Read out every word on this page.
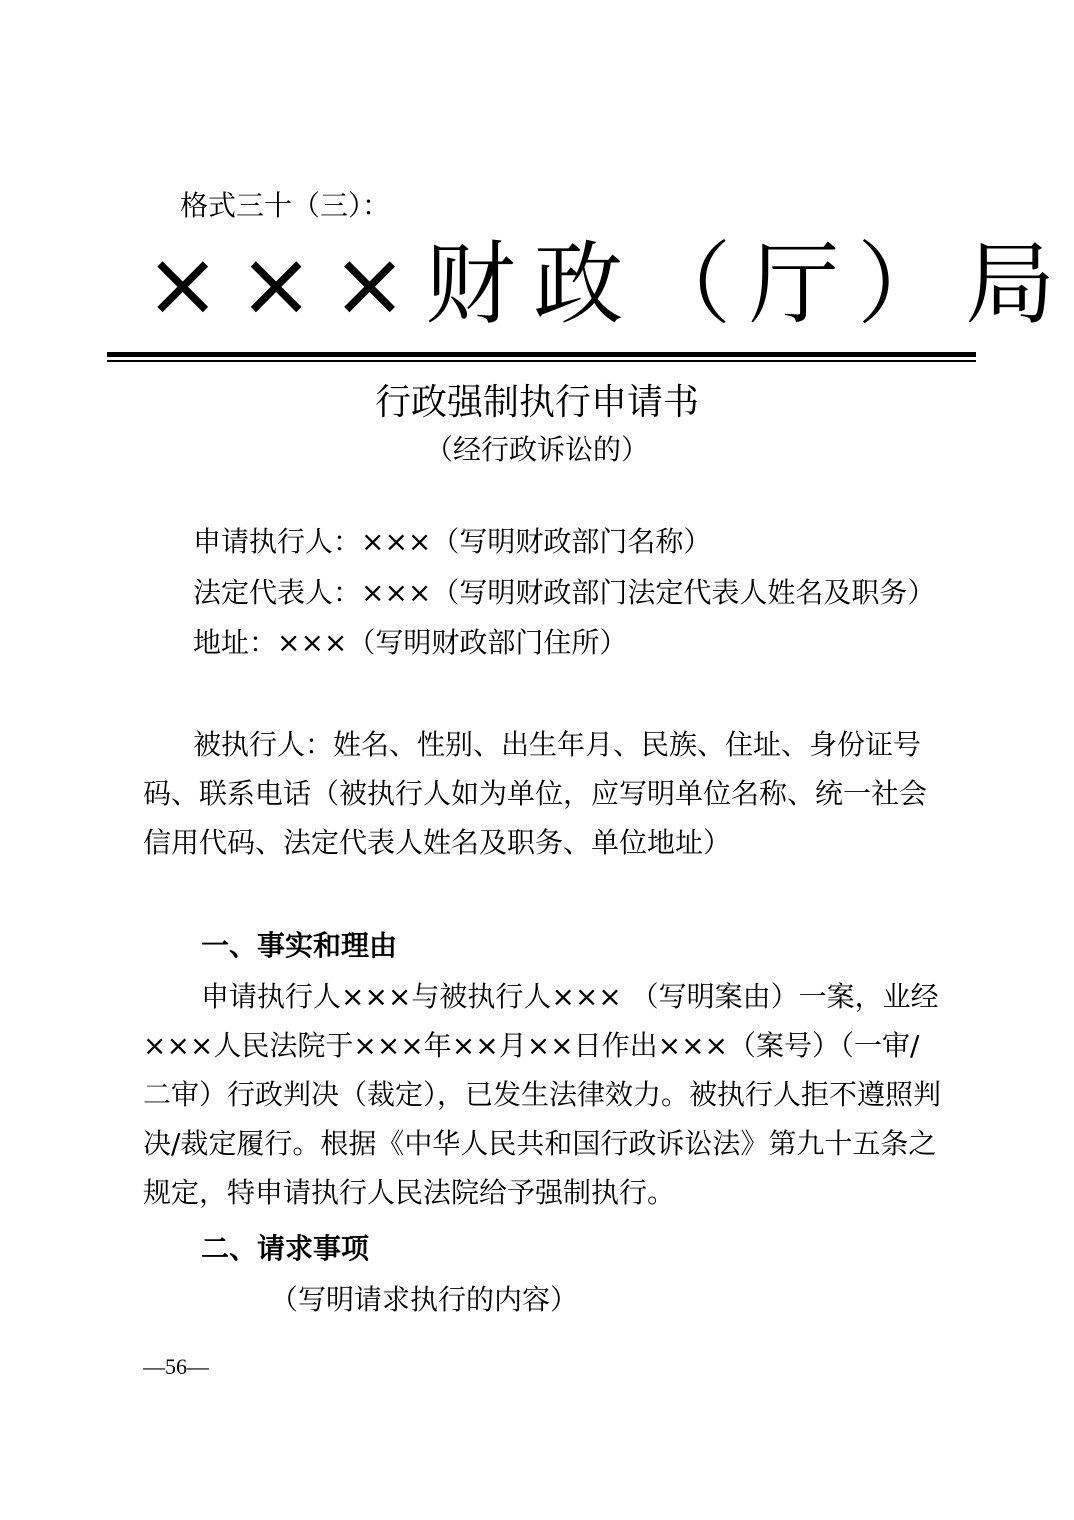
格式三十（三）：
×××财政（厅）局
行政强制执行申请书
（经行政诉讼的）
申请执行人：×××（写明财政部门名称）
法定代表人：×××（写明财政部门法定代表人姓名及职务）
地址：×××（写明财政部门住所）

被执行人：姓名、性别、出生年月、民族、住址、身份证号码、联系电话（被执行人如为单位，应写明单位名称、统一社会信用代码、法定代表人姓名及职务、单位地址）

一、事实和理由

申请执行人×××与被执行人××× （写明案由）一案，业经×××人民法院于×××年××月××日作出×××（案号）（一审/二审）行政判决（裁定），已发生法律效力。被执行人拒不遵照判决/裁定履行。根据《中华人民共和国行政诉讼法》第九十五条之规定，特申请执行人民法院给予强制执行。

二、请求事项
（写明请求执行的内容）
—56—
